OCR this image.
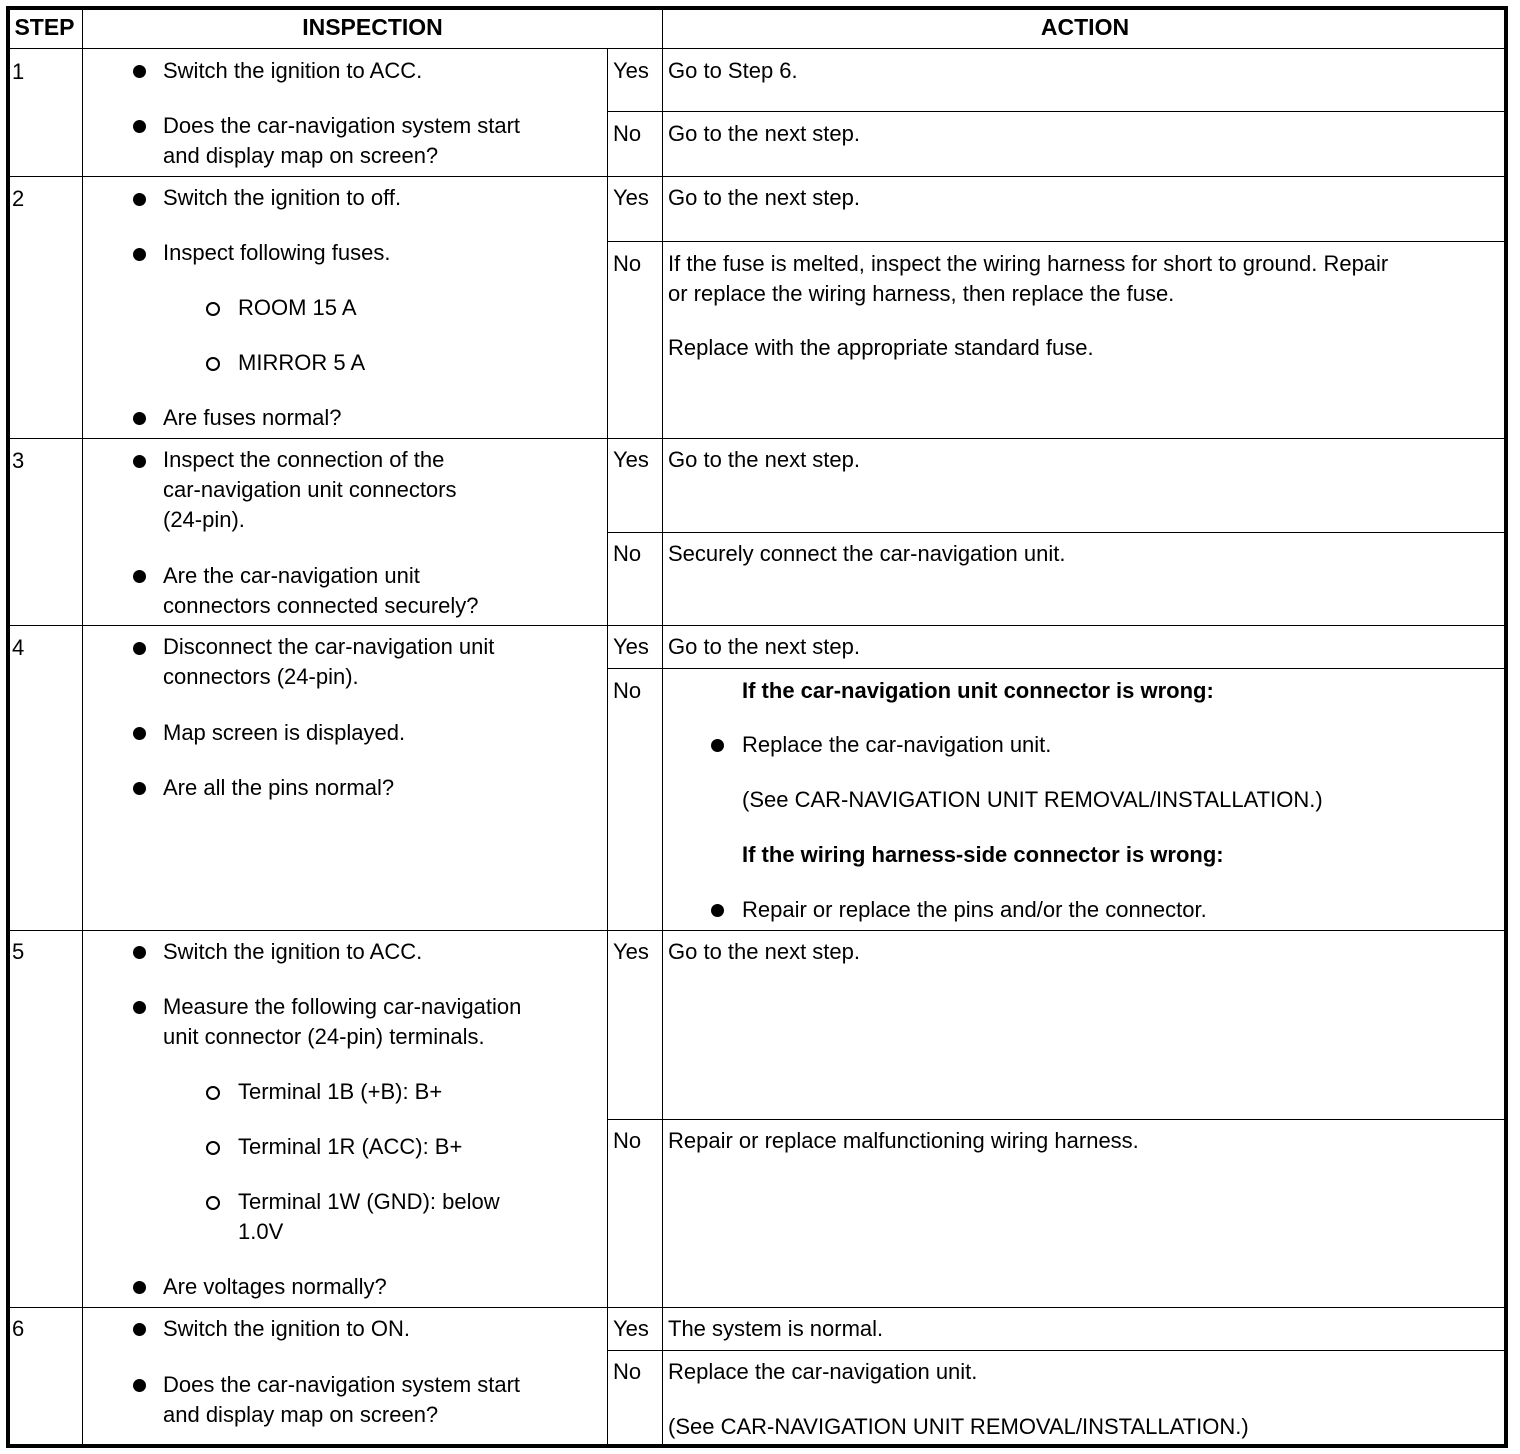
STEP	INSPECTION	ACTION
1	Switch the ignition to ACC.
Does the car-navigation system start
and display map on screen?
Yes Go to Step 6.
No Go to the next step.
2	Switch the ignition to off.
Inspect following fuses.
ROOM 15 A
MIRROR 5 A
Are fuses normal?
Yes Go to the next step.
No If the fuse is melted, inspect the wiring harness for short to ground. Repair
or replace the wiring harness, then replace the fuse.
Replace with the appropriate standard fuse.
3	Inspect the connection of the
car-navigation unit connectors
(24-pin).
Are the car-navigation unit
connectors connected securely?
Yes Go to the next step.
No Securely connect the car-navigation unit.
4	Disconnect the car-navigation unit
connectors (24-pin).
Map screen is displayed.
Are all the pins normal?
Yes Go to the next step.
No	If the car-navigation unit connector is wrong:
Replace the car-navigation unit.
(See CAR-NAVIGATION UNIT REMOVAL/INSTALLATION.)
If the wiring harness-side connector is wrong:
Repair or replace the pins and/or the connector.
5	Switch the ignition to ACC.
Measure the following car-navigation
unit connector (24-pin) terminals.
Terminal 1B (+B): B+
Terminal 1R (ACC): B+
Terminal 1W (GND): below
1.0V
Are voltages normally?
Yes Go to the next step.
No Repair or replace malfunctioning wiring harness.
6	Switch the ignition to ON.
Does the car-navigation system start
and display map on screen?
Yes The system is normal.
No Replace the car-navigation unit.
(See CAR-NAVIGATION UNIT REMOVAL/INSTALLATION.)
